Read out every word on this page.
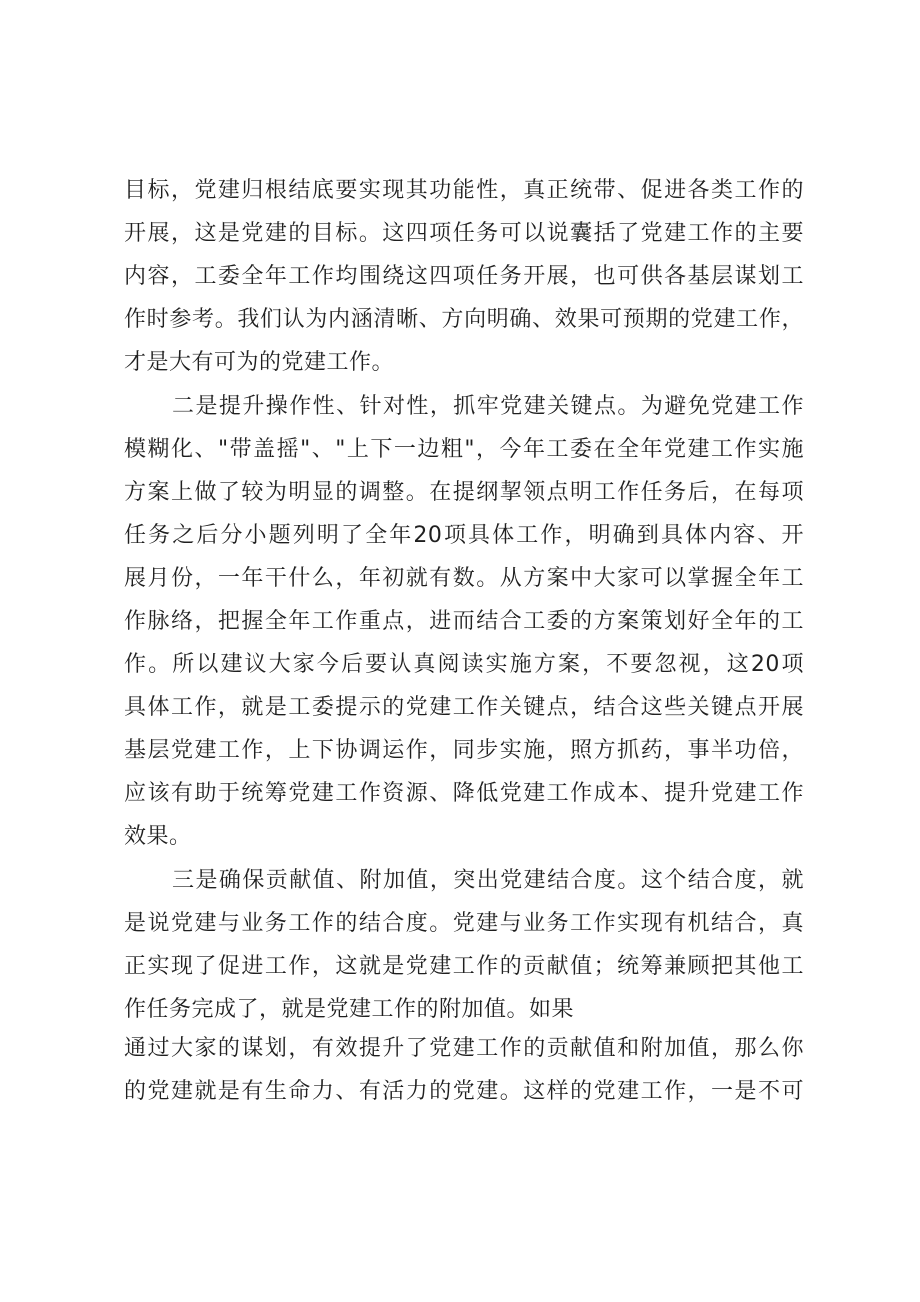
目标，党建归根结底要实现其功能性，真正统带、促进各类工作的
开展，这是党建的目标。这四项任务可以说囊括了党建工作的主要
内容，工委全年工作均围绕这四项任务开展，也可供各基层谋划工
作时参考。我们认为内涵清晰、方向明确、效果可预期的党建工作，
才是大有可为的党建工作。
二是提升操作性、针对性，抓牢党建关键点。为避免党建工作
模糊化、"带盖摇"、"上下一边粗"，今年工委在全年党建工作实施
方案上做了较为明显的调整。在提纲挈领点明工作任务后，在每项
任务之后分小题列明了全年20项具体工作，明确到具体内容、开
展月份，一年干什么，年初就有数。从方案中大家可以掌握全年工
作脉络，把握全年工作重点，进而结合工委的方案策划好全年的工
作。所以建议大家今后要认真阅读实施方案，不要忽视，这20项
具体工作，就是工委提示的党建工作关键点，结合这些关键点开展
基层党建工作，上下协调运作，同步实施，照方抓药，事半功倍，
应该有助于统筹党建工作资源、降低党建工作成本、提升党建工作
效果。
三是确保贡献值、附加值，突出党建结合度。这个结合度，就
是说党建与业务工作的结合度。党建与业务工作实现有机结合，真
正实现了促进工作，这就是党建工作的贡献值；统筹兼顾把其他工
作任务完成了，就是党建工作的附加值。如果
通过大家的谋划，有效提升了党建工作的贡献值和附加值，那么你
的党建就是有生命力、有活力的党建。这样的党建工作，一是不可
